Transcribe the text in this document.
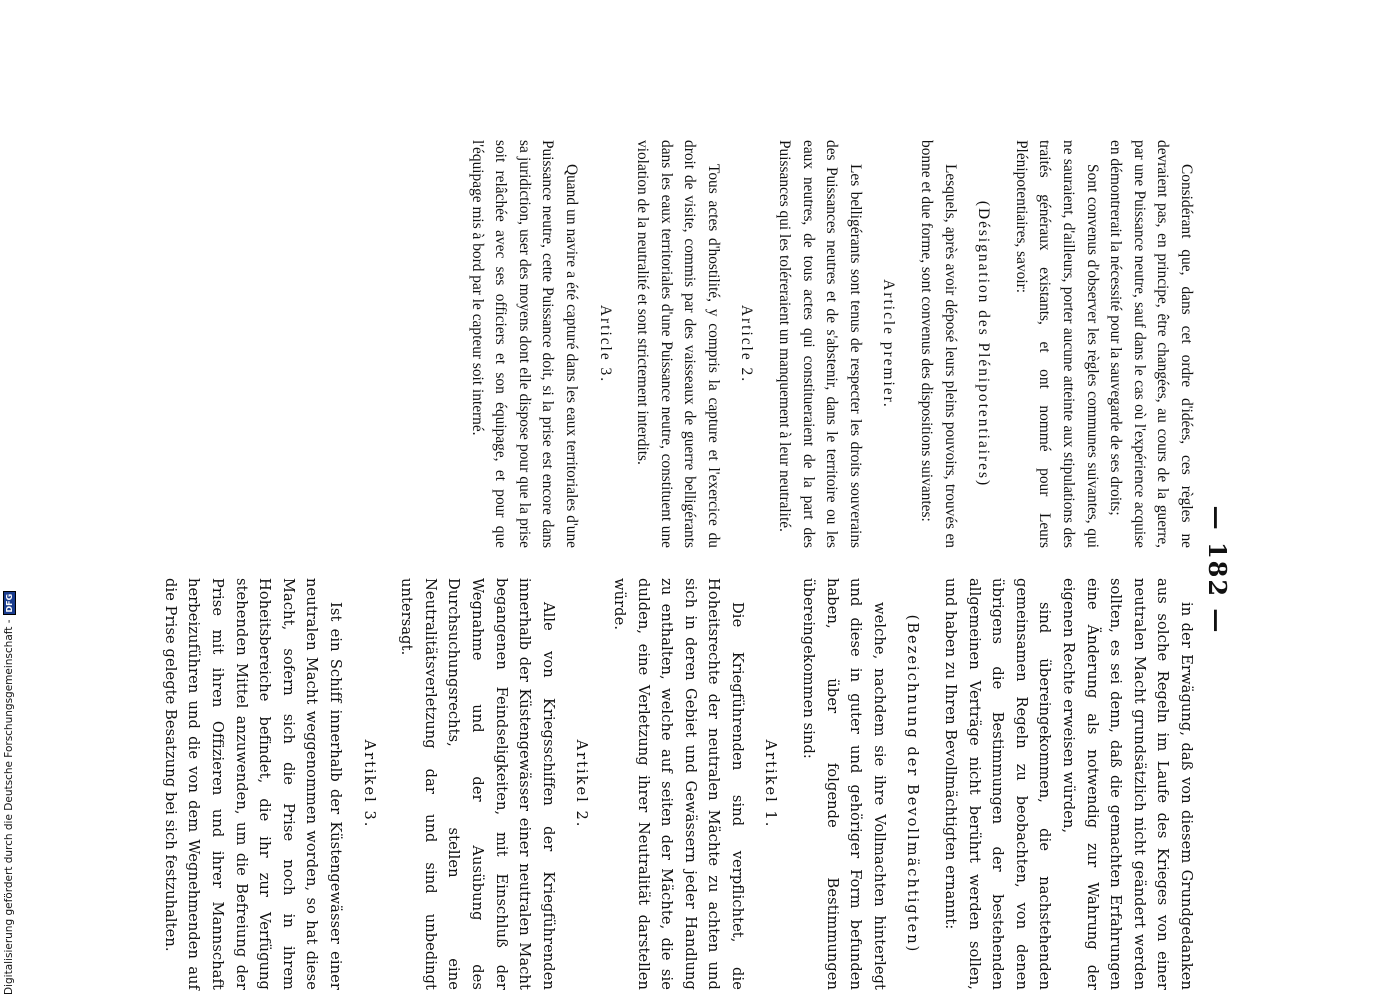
— 182 —

Considérant que, dans cet ordre d'idées, ces règles ne devraient pas, en principe, être changées, au cours de la guerre, par une Puissance neutre, sauf dans le cas où l'expérience acquise en démontrerait la nécessité pour la sauvegarde de ses droits;

Sont convenus d'observer les règles communes suivantes, qui ne sauraient, d'ailleurs, porter aucune atteinte aux stipulations des traités généraux existants, et ont nommé pour Leurs Plénipotentiaires, savoir:

(Désignation des Plénipotentiaires)

Lesquels, après avoir déposé leurs pleins pouvoirs, trouvés en bonne et due forme, sont convenus des dispositions suivantes:

Article premier.

Les belligérants sont tenus de respecter les droits souverains des Puissances neutres et de s'abstenir, dans le territoire ou les eaux neutres, de tous actes qui constitueraient de la part des Puissances qui les toléreraient un manquement à leur neutralité.

Article 2.

Tous actes d'hostilité, y compris la capture et l'exercice du droit de visite, commis par des vaisseaux de guerre belligérants dans les eaux territoriales d'une Puissance neutre, constituent une violation de la neutralité et sont strictement interdits.

Article 3.

Quand un navire a été capturé dans les eaux territoriales d'une Puissance neutre, cette Puissance doit, si la prise est encore dans sa juridiction, user des moyens dont elle dispose pour que la prise soit relâchée avec ses officiers et son équipage, et pour que l'équipage mis à bord par le capteur soit interné.

in der Erwägung, daß von diesem Grundgedanken aus solche Regeln im Laufe des Krieges von einer neutralen Macht grundsätzlich nicht geändert werden sollten, es sei denn, daß die gemachten Erfahrungen eine Änderung als notwendig zur Wahrung der eigenen Rechte erweisen würden,

sind übereingekommen, die nachstehenden gemeinsamen Regeln zu beobachten, von denen übrigens die Bestimmungen der bestehenden allgemeinen Verträge nicht berührt werden sollen, und haben zu Ihren Bevollmächtigten ernannt:

(Bezeichnung der Bevollmächtigten)

welche, nachdem sie ihre Vollmachten hinterlegt und diese in guter und gehöriger Form befunden haben, über folgende Bestimmungen übereingekommen sind:

Artikel 1.

Die Kriegführenden sind verpflichtet, die Hoheitsrechte der neutralen Mächte zu achten und sich in deren Gebiet und Gewässern jeder Handlung zu enthalten, welche auf seiten der Mächte, die sie dulden, eine Verletzung ihrer Neutralität darstellen würde.

Artikel 2.

Alle von Kriegsschiffen der Kriegführenden innerhalb der Küstengewässer einer neutralen Macht begangenen Feindseligkeiten, mit Einschluß der Wegnahme und der Ausübung des Durchsuchungsrechts, stellen eine Neutralitätsverletzung dar und sind unbedingt untersagt.

Artikel 3.

Ist ein Schiff innerhalb der Küstengewässer einer neutralen Macht weggenommen worden, so hat diese Macht, sofern sich die Prise noch in ihrem Hoheitsbereiche befindet, die ihr zur Verfügung stehenden Mittel anzuwenden, um die Befreiung der Prise mit ihren Offizieren und ihrer Mannschaft herbeizuführen und die von dem Wegnehmenden auf die Prise gelegte Besatzung bei sich festzuhalten.

Digitalisierung gefördert durch die Deutsche Forschungsgemeinschaft -
DFG
